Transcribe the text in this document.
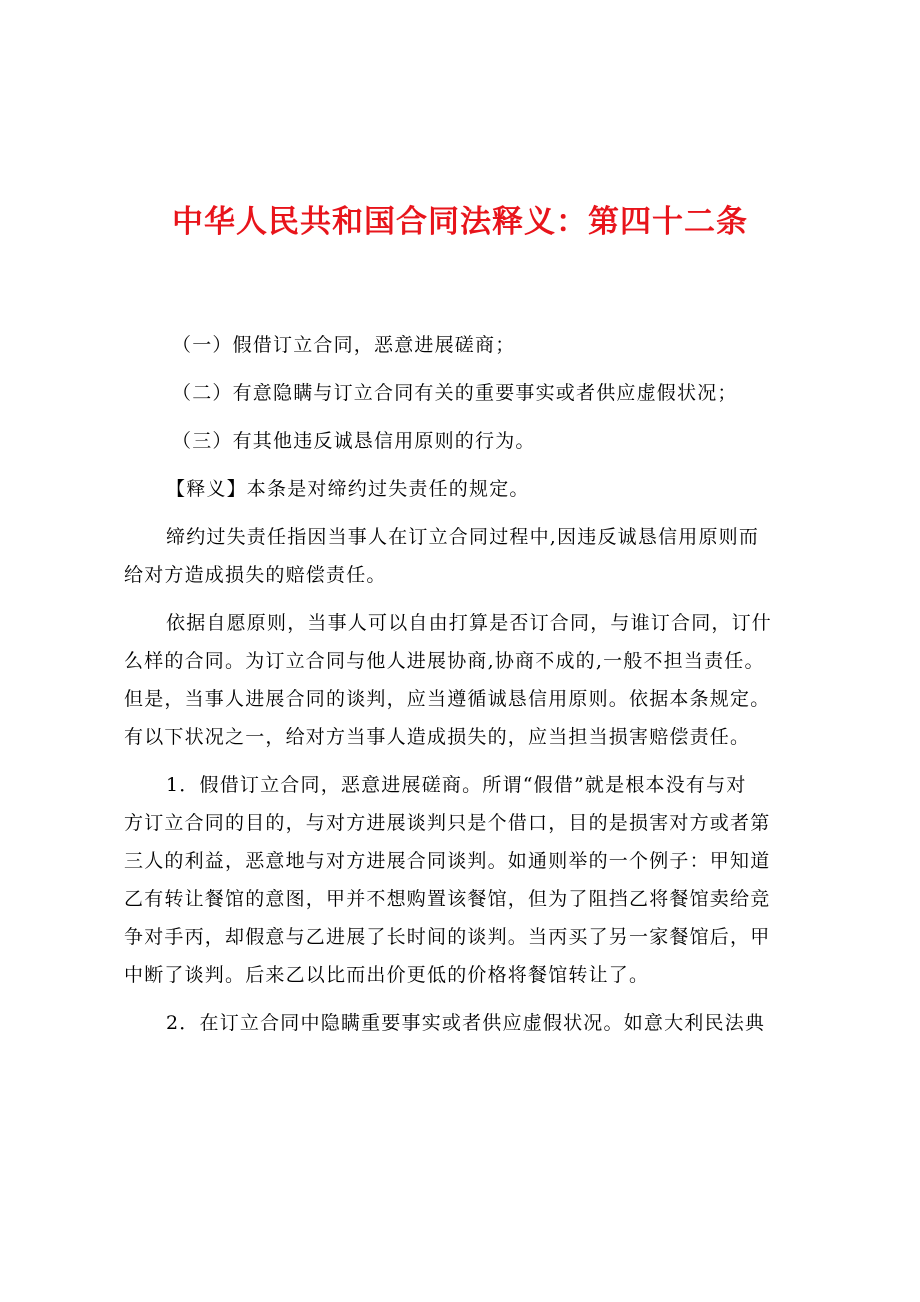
中华人民共和国合同法释义：第四十二条
（一）假借订立合同，恶意进展磋商；
（二）有意隐瞒与订立合同有关的重要事实或者供应虚假状况；
（三）有其他违反诚恳信用原则的行为。
【释义】本条是对缔约过失责任的规定。
缔约过失责任指因当事人在订立合同过程中,因违反诚恳信用原则而
给对方造成损失的赔偿责任。
依据自愿原则，当事人可以自由打算是否订合同，与谁订合同，订什
么样的合同。为订立合同与他人进展协商,协商不成的,一般不担当责任。
但是，当事人进展合同的谈判，应当遵循诚恳信用原则。依据本条规定。
有以下状况之一，给对方当事人造成损失的，应当担当损害赔偿责任。
1．假借订立合同，恶意进展磋商。所谓“假借”就是根本没有与对
方订立合同的目的，与对方进展谈判只是个借口，目的是损害对方或者第
三人的利益，恶意地与对方进展合同谈判。如通则举的一个例子：甲知道
乙有转让餐馆的意图，甲并不想购置该餐馆，但为了阻挡乙将餐馆卖给竞
争对手丙，却假意与乙进展了长时间的谈判。当丙买了另一家餐馆后，甲
中断了谈判。后来乙以比而出价更低的价格将餐馆转让了。
2．在订立合同中隐瞒重要事实或者供应虚假状况。如意大利民法典
